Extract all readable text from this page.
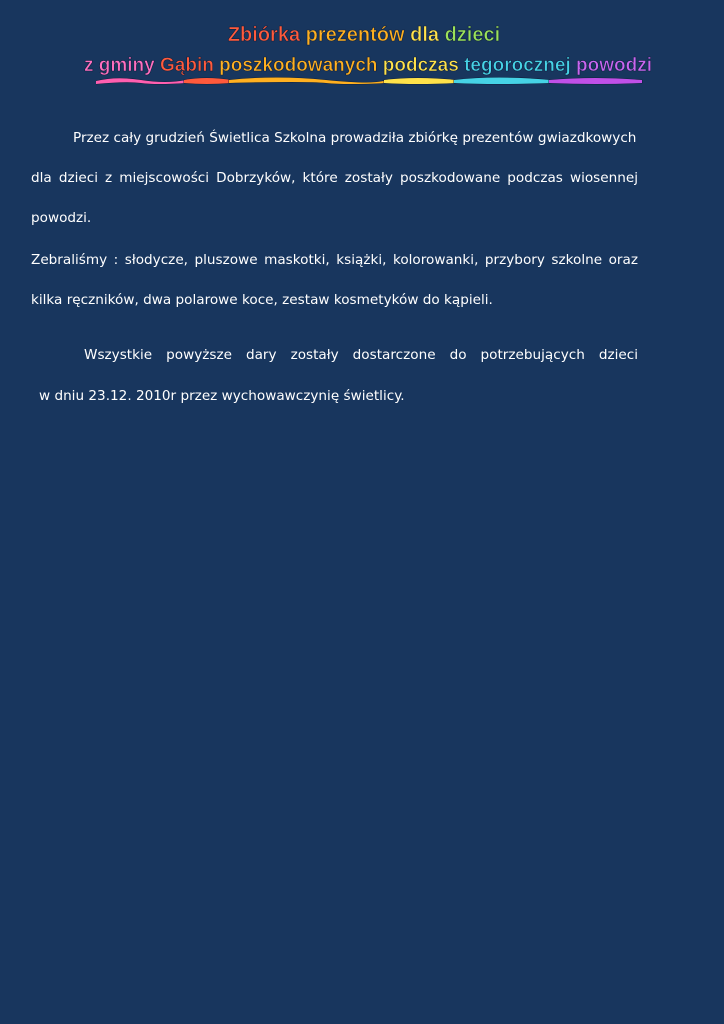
Zbiórka prezentów dla dzieci
z gminy Gąbin poszkodowanych podczas tegorocznej powodzi
Przez cały grudzień Świetlica Szkolna prowadziła zbiórkę prezentów gwiazdkowych
dla dzieci z miejscowości Dobrzyków, które zostały poszkodowane podczas wiosennej
powodzi.
Zebraliśmy : słodycze, pluszowe maskotki, książki, kolorowanki, przybory szkolne oraz
kilka ręczników, dwa polarowe koce, zestaw kosmetyków do kąpieli.
Wszystkie powyższe dary zostały dostarczone do potrzebujących dzieci
w dniu 23.12. 2010r przez wychowawczynię świetlicy.
